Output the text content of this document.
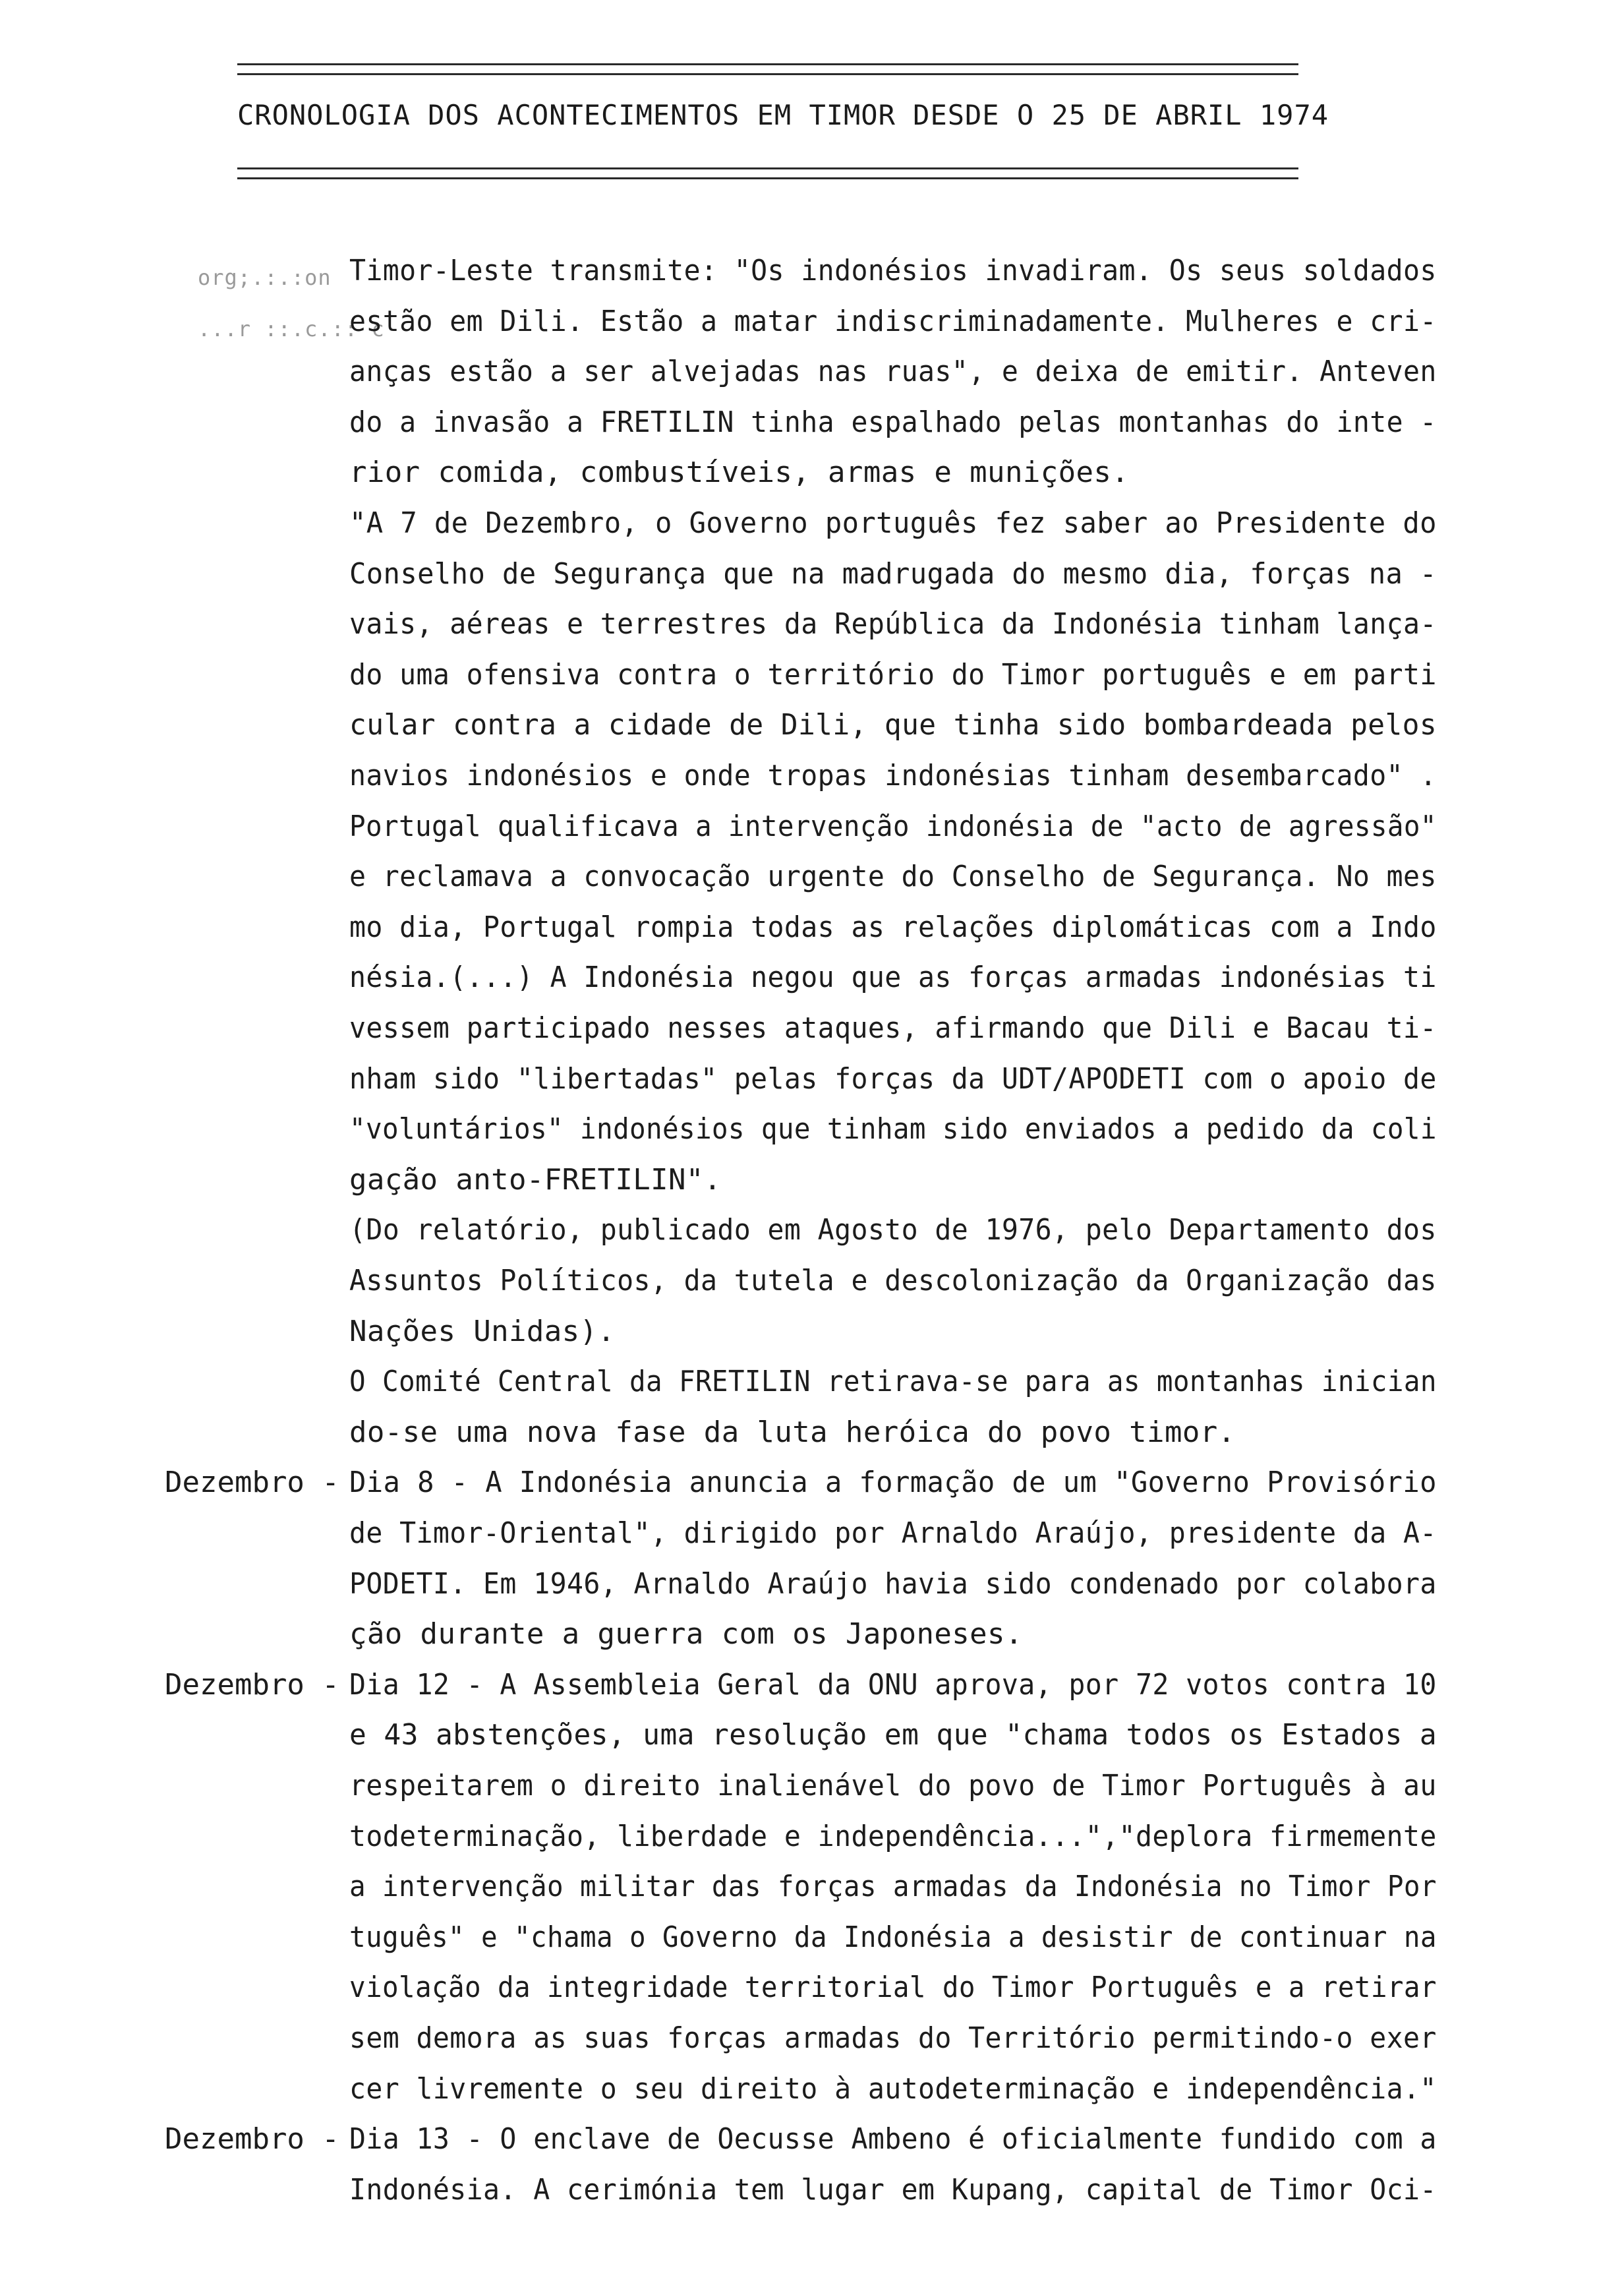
CRONOLOGIA DOS ACONTECIMENTOS EM TIMOR DESDE O 25 DE ABRIL 1974
org;.:.:on
...r ::.c.:: c
Timor-Leste transmite: "Os indonésios invadiram. Os seus soldados
estão em Dili. Estão a matar indiscriminadamente. Mulheres e cri-
anças estão a ser alvejadas nas ruas", e deixa de emitir. Anteven
do a invasão a FRETILIN tinha espalhado pelas montanhas do inte -
rior comida, combustíveis, armas e munições.
"A 7 de Dezembro, o Governo português fez saber ao Presidente do
Conselho de Segurança que na madrugada do mesmo dia, forças na -
vais, aéreas e terrestres da República da Indonésia tinham lança-
do uma ofensiva contra o território do Timor português e em parti
cular contra a cidade de Dili, que tinha sido bombardeada pelos
navios indonésios e onde tropas indonésias tinham desembarcado" .
Portugal qualificava a intervenção indonésia de "acto de agressão"
e reclamava a convocação urgente do Conselho de Segurança. No mes
mo dia, Portugal rompia todas as relações diplomáticas com a Indo
nésia.(...) A Indonésia negou que as forças armadas indonésias ti
vessem participado nesses ataques, afirmando que Dili e Bacau ti-
nham sido "libertadas" pelas forças da UDT/APODETI com o apoio de
"voluntários" indonésios que tinham sido enviados a pedido da coli
gação anto-FRETILIN".
(Do relatório, publicado em Agosto de 1976, pelo Departamento dos
Assuntos Políticos, da tutela e descolonização da Organização das
Nações Unidas).
O Comité Central da FRETILIN retirava-se para as montanhas inician
do-se uma nova fase da luta heróica do povo timor.
Dezembro - Dia 8 - A Indonésia anuncia a formação de um "Governo Provisório
de Timor-Oriental", dirigido por Arnaldo Araújo, presidente da A-
PODETI. Em 1946, Arnaldo Araújo havia sido condenado por colabora
ção durante a guerra com os Japoneses.
Dezembro - Dia 12 - A Assembleia Geral da ONU aprova, por 72 votos contra 10
e 43 abstenções, uma resolução em que "chama todos os Estados a
respeitarem o direito inalienável do povo de Timor Português à au
todeterminação, liberdade e independência...","deplora firmemente
a intervenção militar das forças armadas da Indonésia no Timor Por
tuguês" e "chama o Governo da Indonésia a desistir de continuar na
violação da integridade territorial do Timor Português e a retirar
sem demora as suas forças armadas do Território permitindo-o exer
cer livremente o seu direito à autodeterminação e independência."
Dezembro - Dia 13 - O enclave de Oecusse Ambeno é oficialmente fundido com a
Indonésia. A cerimónia tem lugar em Kupang, capital de Timor Oci-
